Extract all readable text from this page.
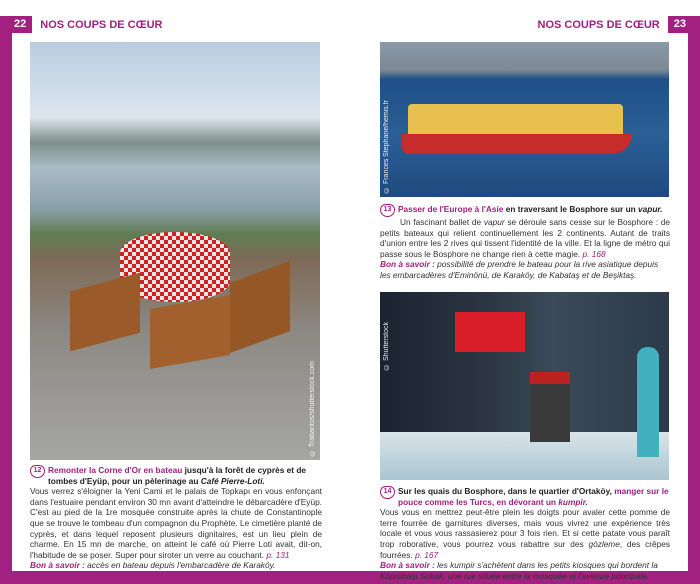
22	NOS COUPS DE CŒUR	NOS COUPS DE CŒUR	23
© Trabantos/shutterstock.com
12 Remonter la Corne d'Or en bateau jusqu'à la forêt de cyprès et de tombes d'Eyüp, pour un pèlerinage au Café Pierre-Loti.
Vous verrez s'éloigner la Yeni Cami et le palais de Topkapı en vous enfonçant dans l'estuaire pendant environ 30 mn avant d'atteindre le débarcadère d'Eyüp. C'est au pied de la 1re mosquée construite après la chute de Constantinople que se trouve le tombeau d'un compagnon du Prophète. Le cimetière planté de cyprès, et dans lequel reposent plusieurs dignitaires, est un lieu plein de charme. En 15 mn de marche, on atteint le café où Pierre Loti avait, dit-on, l'habitude de se poser. Super pour siroter un verre au couchant. p. 131
Bon à savoir : accès en bateau depuis l'embarcadère de Karaköy.
© Frances Stephane/hemis.fr
13 Passer de l'Europe à l'Asie en traversant le Bosphore sur un vapur.
Un fascinant ballet de vapur se déroule sans cesse sur le Bosphore : de petits bateaux qui relient continuellement les 2 continents. Autant de traits d'union entre les 2 rives qui tissent l'identité de la ville. Et la ligne de métro qui passe sous le Bosphore ne change rien à cette magie. p. 168
Bon à savoir : possibilité de prendre le bateau pour la rive asiatique depuis les embarcadères d'Eminönü, de Karaköy, de Kabataş et de Beşiktaş.
© Shutterstock
14 Sur les quais du Bosphore, dans le quartier d'Ortaköy, manger sur le pouce comme les Turcs, en dévorant un kumpir.
Vous vous en mettrez peut-être plein les doigts pour avaler cette pomme de terre fourrée de garnitures diverses, mais vous vivrez une expérience très locale et vous vous rassasierez pour 3 fois rien. Et si cette patate vous paraît trop roborative, vous pourrez vous rabattre sur des gözleme, des crêpes fourrées. p. 167
Bon à savoir : les kumpir s'achètent dans les petits kiosques qui bordent la Köprübaşı Sokak, une rue située entre la mosquée et l'avenue principale.
